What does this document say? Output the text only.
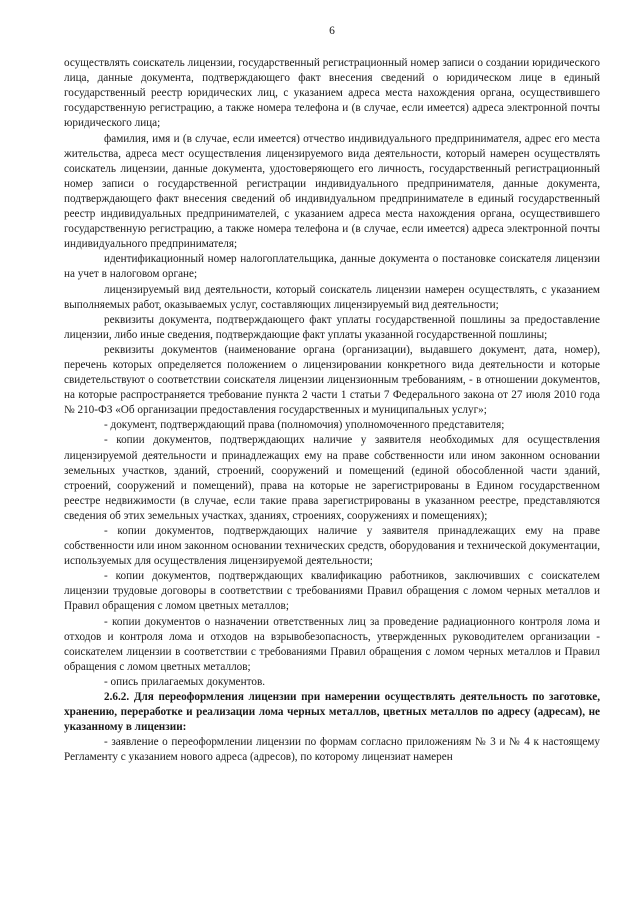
6

осуществлять соискатель лицензии, государственный регистрационный номер записи о создании юридического лица, данные документа, подтверждающего факт внесения сведений о юридическом лице в единый государственный реестр юридических лиц, с указанием адреса места нахождения органа, осуществившего государственную регистрацию, а также номера телефона и (в случае, если имеется) адреса электронной почты юридического лица;

фамилия, имя и (в случае, если имеется) отчество индивидуального предпринимателя, адрес его места жительства, адреса мест осуществления лицензируемого вида деятельности, который намерен осуществлять соискатель лицензии, данные документа, удостоверяющего его личность, государственный регистрационный номер записи о государственной регистрации индивидуального предпринимателя, данные документа, подтверждающего факт внесения сведений об индивидуальном предпринимателе в единый государственный реестр индивидуальных предпринимателей, с указанием адреса места нахождения органа, осуществившего государственную регистрацию, а также номера телефона и (в случае, если имеется) адреса электронной почты индивидуального предпринимателя;

идентификационный номер налогоплательщика, данные документа о постановке соискателя лицензии на учет в налоговом органе;

лицензируемый вид деятельности, который соискатель лицензии намерен осуществлять, с указанием выполняемых работ, оказываемых услуг, составляющих лицензируемый вид деятельности;

реквизиты документа, подтверждающего факт уплаты государственной пошлины за предоставление лицензии, либо иные сведения, подтверждающие факт уплаты указанной государственной пошлины;

реквизиты документов (наименование органа (организации), выдавшего документ, дата, номер), перечень которых определяется положением о лицензировании конкретного вида деятельности и которые свидетельствуют о соответствии соискателя лицензии лицензионным требованиям, - в отношении документов, на которые распространяется требование пункта 2 части 1 статьи 7 Федерального закона от 27 июля 2010 года № 210-ФЗ «Об организации предоставления государственных и муниципальных услуг»;

- документ, подтверждающий права (полномочия) уполномоченного представителя;

- копии документов, подтверждающих наличие у заявителя необходимых для осуществления лицензируемой деятельности и принадлежащих ему на праве собственности или ином законном основании земельных участков, зданий, строений, сооружений и помещений (единой обособленной части зданий, строений, сооружений и помещений), права на которые не зарегистрированы в Едином государственном реестре недвижимости (в случае, если такие права зарегистрированы в указанном реестре, представляются сведения об этих земельных участках, зданиях, строениях, сооружениях и помещениях);

- копии документов, подтверждающих наличие у заявителя принадлежащих ему на праве собственности или ином законном основании технических средств, оборудования и технической документации, используемых для осуществления лицензируемой деятельности;

- копии документов, подтверждающих квалификацию работников, заключивших с соискателем лицензии трудовые договоры в соответствии с требованиями Правил обращения с ломом черных металлов и Правил обращения с ломом цветных металлов;

- копии документов о назначении ответственных лиц за проведение радиационного контроля лома и отходов и контроля лома и отходов на взрывобезопасность, утвержденных руководителем организации - соискателем лицензии в соответствии с требованиями Правил обращения с ломом черных металлов и Правил обращения с ломом цветных металлов;

- опись прилагаемых документов.

2.6.2. Для переоформления лицензии при намерении осуществлять деятельность по заготовке, хранению, переработке и реализации лома черных металлов, цветных металлов по адресу (адресам), не указанному в лицензии:

- заявление о переоформлении лицензии по формам согласно приложениям № 3 и № 4 к настоящему Регламенту с указанием нового адреса (адресов), по которому лицензиат намерен
